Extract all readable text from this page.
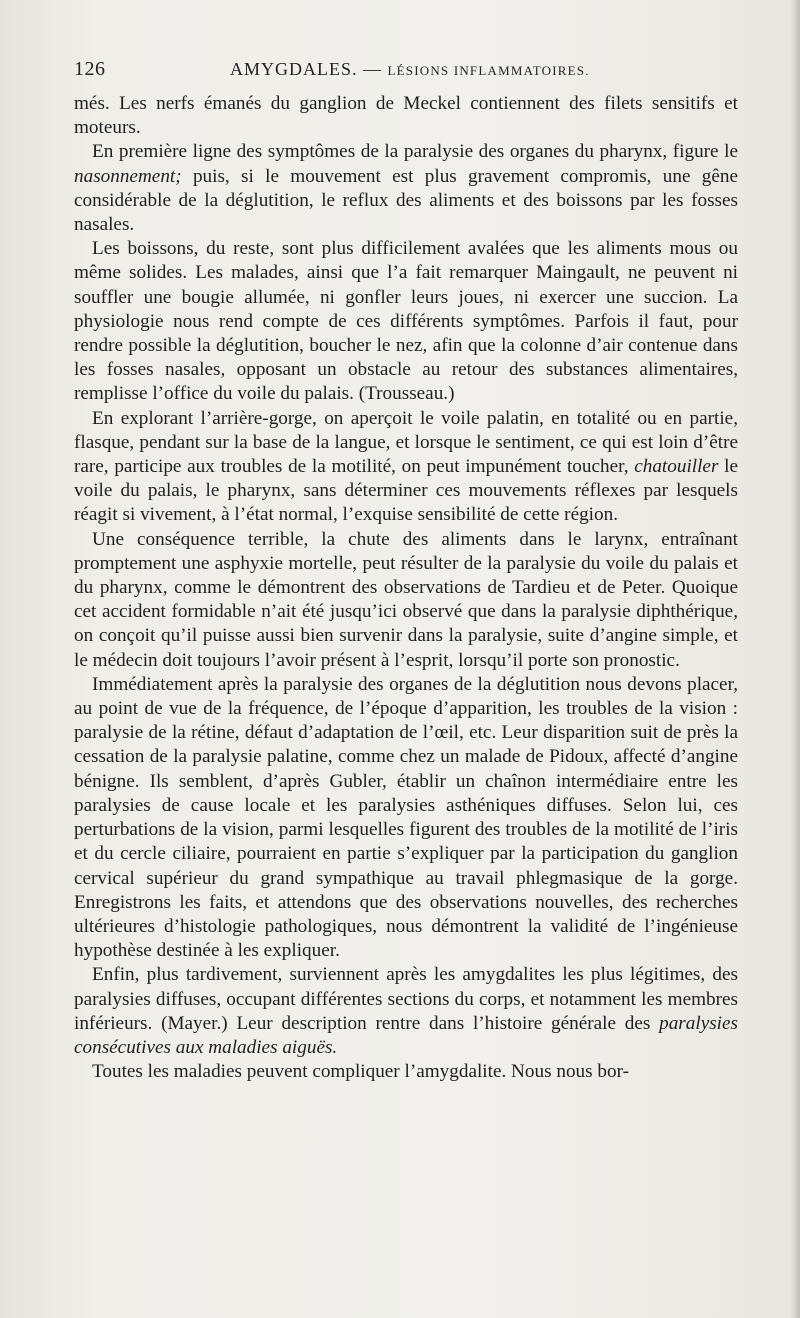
126	AMYGDALES. — LÉSIONS INFLAMMATOIRES.

més. Les nerfs émanés du ganglion de Meckel contiennent des filets sensitifs et moteurs.

En première ligne des symptômes de la paralysie des organes du pharynx, figure le nasonnement; puis, si le mouvement est plus gravement compromis, une gêne considérable de la déglutition, le reflux des aliments et des boissons par les fosses nasales.

Les boissons, du reste, sont plus difficilement avalées que les aliments mous ou même solides. Les malades, ainsi que l’a fait remarquer Maingault, ne peuvent ni souffler une bougie allumée, ni gonfler leurs joues, ni exercer une succion. La physiologie nous rend compte de ces différents symptômes. Parfois il faut, pour rendre possible la déglutition, boucher le nez, afin que la colonne d’air contenue dans les fosses nasales, opposant un obstacle au retour des substances alimentaires, remplisse l’office du voile du palais. (Trousseau.)

En explorant l’arrière-gorge, on aperçoit le voile palatin, en totalité ou en partie, flasque, pendant sur la base de la langue, et lorsque le sentiment, ce qui est loin d’être rare, participe aux troubles de la motilité, on peut impunément toucher, chatouiller le voile du palais, le pharynx, sans déterminer ces mouvements réflexes par lesquels réagit si vivement, à l’état normal, l’exquise sensibilité de cette région.

Une conséquence terrible, la chute des aliments dans le larynx, entraînant promptement une asphyxie mortelle, peut résulter de la paralysie du voile du palais et du pharynx, comme le démontrent des observations de Tardieu et de Peter. Quoique cet accident formidable n’ait été jusqu’ici observé que dans la paralysie diphthérique, on conçoit qu’il puisse aussi bien survenir dans la paralysie, suite d’angine simple, et le médecin doit toujours l’avoir présent à l’esprit, lorsqu’il porte son pronostic.

Immédiatement après la paralysie des organes de la déglutition nous devons placer, au point de vue de la fréquence, de l’époque d’apparition, les troubles de la vision : paralysie de la rétine, défaut d’adaptation de l’œil, etc. Leur disparition suit de près la cessation de la paralysie palatine, comme chez un malade de Pidoux, affecté d’angine bénigne. Ils semblent, d’après Gubler, établir un chaînon intermédiaire entre les paralysies de cause locale et les paralysies asthéniques diffuses. Selon lui, ces perturbations de la vision, parmi lesquelles figurent des troubles de la motilité de l’iris et du cercle ciliaire, pourraient en partie s’expliquer par la participation du ganglion cervical supérieur du grand sympathique au travail phlegmasique de la gorge. Enregistrons les faits, et attendons que des observations nouvelles, des recherches ultérieures d’histologie pathologiques, nous démontrent la validité de l’ingénieuse hypothèse destinée à les expliquer.

Enfin, plus tardivement, surviennent après les amygdalites les plus légitimes, des paralysies diffuses, occupant différentes sections du corps, et notamment les membres inférieurs. (Mayer.) Leur description rentre dans l’histoire générale des paralysies consécutives aux maladies aiguës.

Toutes les maladies peuvent compliquer l’amygdalite. Nous nous bor-
